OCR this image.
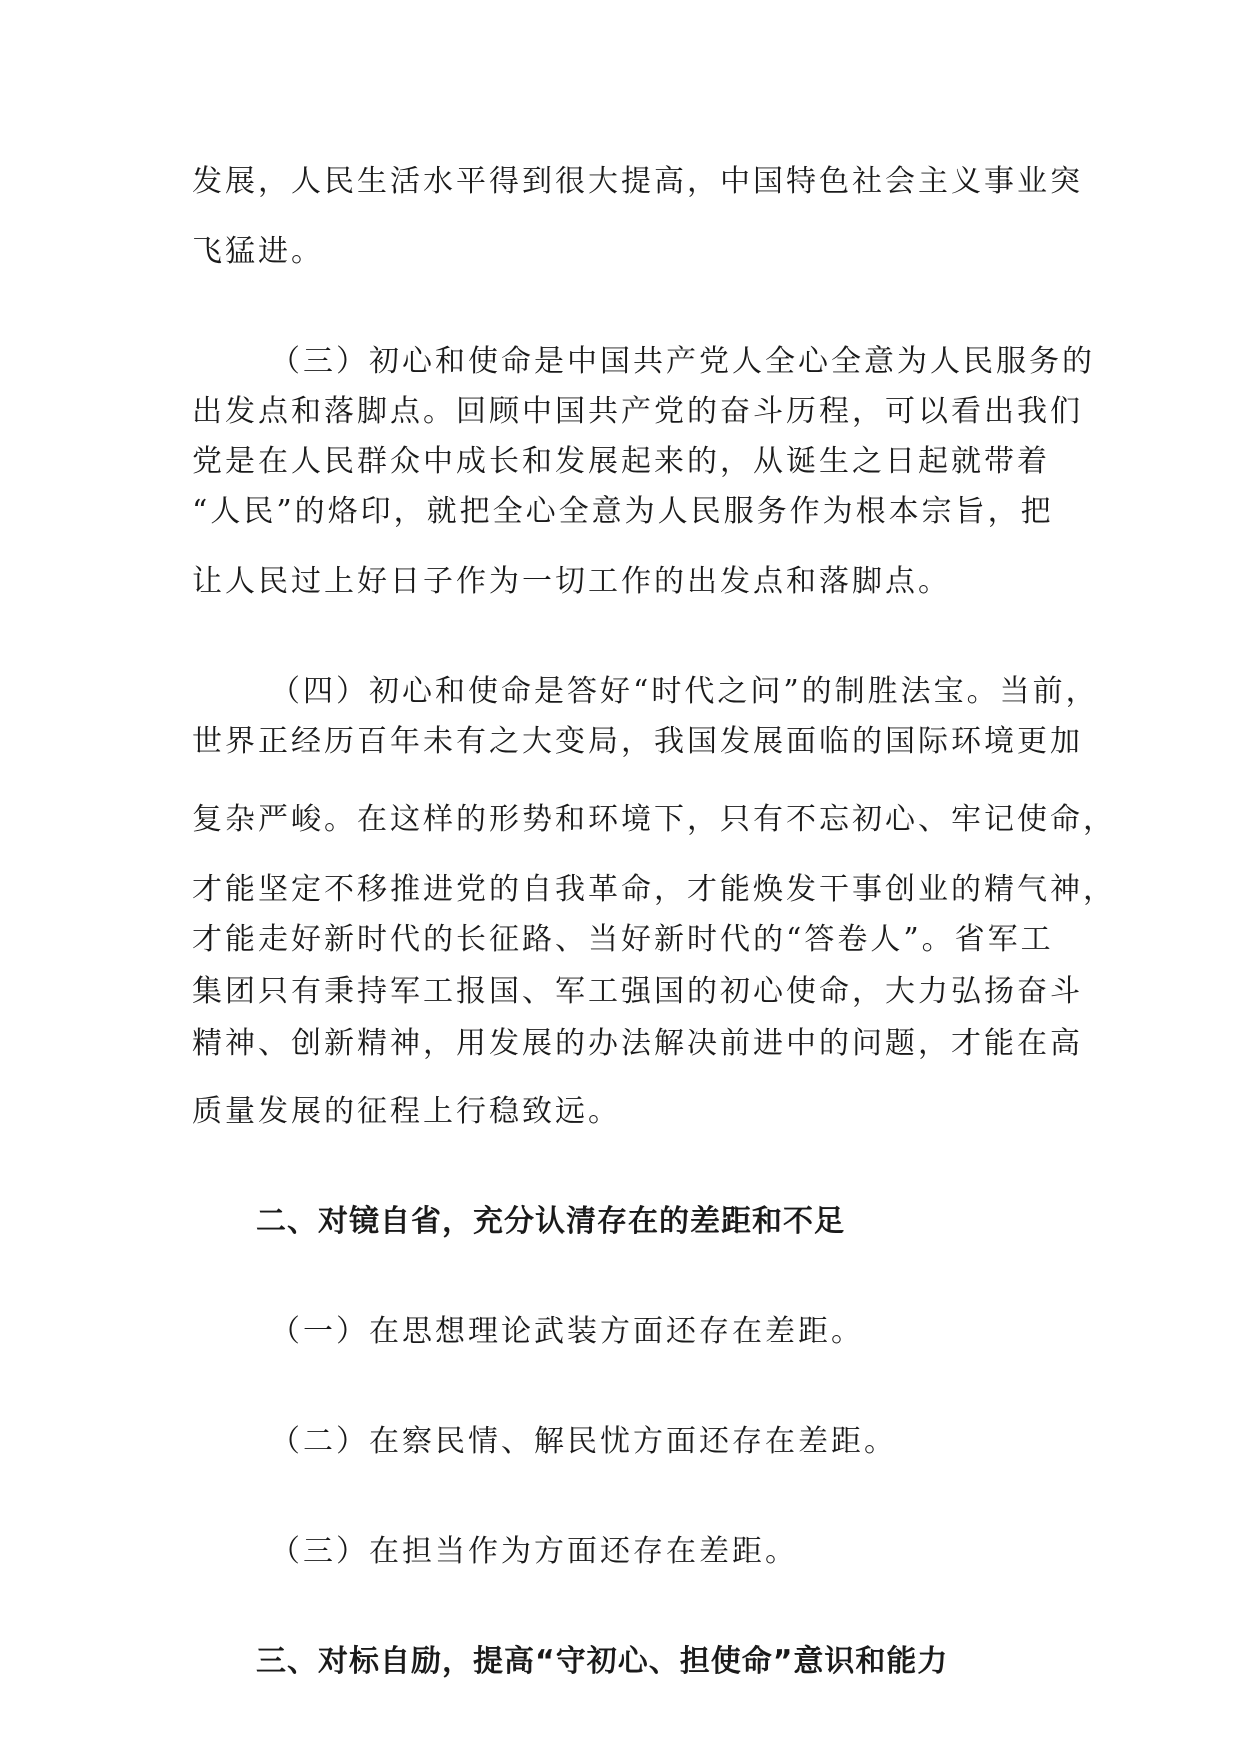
发展，人民生活水平得到很大提高，中国特色社会主义事业突
飞猛进。
（三）初心和使命是中国共产党人全心全意为人民服务的
出发点和落脚点。回顾中国共产党的奋斗历程，可以看出我们
党是在人民群众中成长和发展起来的，从诞生之日起就带着
“人民”的烙印，就把全心全意为人民服务作为根本宗旨，把
让人民过上好日子作为一切工作的出发点和落脚点。
（四）初心和使命是答好“时代之问”的制胜法宝。当前，
世界正经历百年未有之大变局，我国发展面临的国际环境更加
复杂严峻。在这样的形势和环境下，只有不忘初心、牢记使命，
才能坚定不移推进党的自我革命，才能焕发干事创业的精气神，
才能走好新时代的长征路、当好新时代的“答卷人”。省军工
集团只有秉持军工报国、军工强国的初心使命，大力弘扬奋斗
精神、创新精神，用发展的办法解决前进中的问题，才能在高
质量发展的征程上行稳致远。
二、对镜自省，充分认清存在的差距和不足
（一）在思想理论武装方面还存在差距。
（二）在察民情、解民忧方面还存在差距。
（三）在担当作为方面还存在差距。
三、对标自励，提高“守初心、担使命”意识和能力
